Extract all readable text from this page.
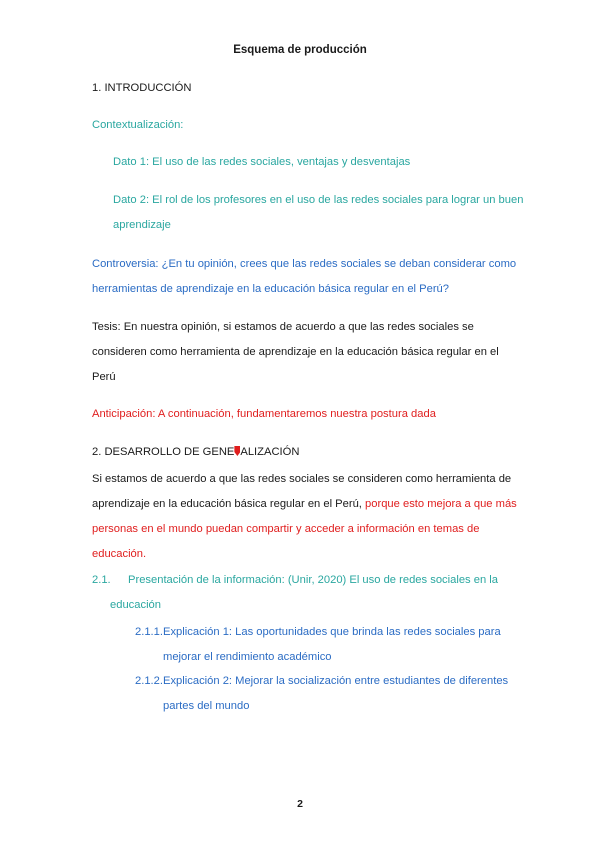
Esquema de producción
1. INTRODUCCIÓN
Contextualización:
Dato 1: El uso de las redes sociales, ventajas y desventajas
Dato 2: El rol de los profesores en el uso de las redes sociales para lograr un buen
aprendizaje
Controversia: ¿En tu opinión, crees que las redes sociales se deban considerar como
herramientas de aprendizaje en la educación básica regular en el Perú?
Tesis: En nuestra opinión, si estamos de acuerdo a que las redes sociales se
consideren como herramienta de aprendizaje en la educación básica regular en el
Perú
Anticipación: A continuación, fundamentaremos nuestra postura dada
2. DESARROLLO DE GENE ALIZACIÓN
Si estamos de acuerdo a que las redes sociales se consideren como herramienta de
aprendizaje en la educación básica regular en el Perú, porque esto mejora a que más
personas en el mundo puedan compartir y acceder a información en temas de
educación.
2.1. Presentación de la información: (Unir, 2020) El uso de redes sociales en la
educación
2.1.1. Explicación 1: Las oportunidades que brinda las redes sociales para
mejorar el rendimiento académico
2.1.2. Explicación 2: Mejorar la socialización entre estudiantes de diferentes
partes del mundo
2
